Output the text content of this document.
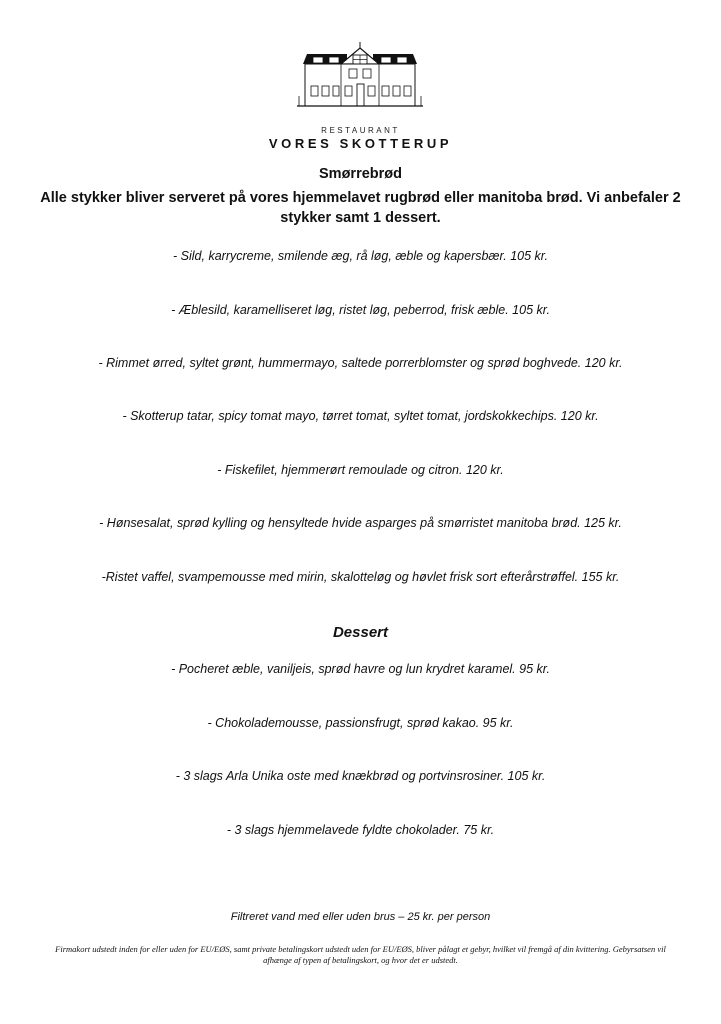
RESTAURANT
VORES SKOTTERUP
Smørrebrød
Alle stykker bliver serveret på vores hjemmelavet rugbrød eller manitoba brød. Vi anbefaler 2 stykker samt 1 dessert.
- Sild, karrycreme, smilende æg, rå løg, æble og kapersbær. 105 kr.
- Æblesild, karamelliseret løg, ristet løg, peberrod, frisk æble. 105 kr.
- Rimmet ørred, syltet grønt, hummermayo, saltede porrerblomster og sprød boghvede. 120 kr.
- Skotterup tatar, spicy tomat mayo, tørret tomat, syltet tomat, jordskokkechips. 120 kr.
- Fiskefilet, hjemmerørt remoulade og citron. 120 kr.
- Hønsesalat, sprød kylling og hensyltede hvide asparges på smørristet manitoba brød. 125 kr.
-Ristet vaffel, svampemousse med mirin, skalotteløg og høvlet frisk sort efterårstrøffel. 155 kr.
Dessert
- Pocheret æble, vaniljeis, sprød havre og lun krydret karamel. 95 kr.
- Chokolademousse, passionsfrugt, sprød kakao. 95 kr.
- 3 slags Arla Unika oste med knækbrød og portvinsrosiner. 105 kr.
- 3 slags hjemmelavede fyldte chokolader. 75 kr.
Filtreret vand med eller uden brus – 25 kr. per person
Firmakort udstedt inden for eller uden for EU/EØS, samt private betalingskort udstedt uden for EU/EØS, bliver pålagt et gebyr, hvilket vil fremgå af din kvittering. Gebyrsatsen vil afhænge af typen af betalingskort, og hvor det er udstedt.
